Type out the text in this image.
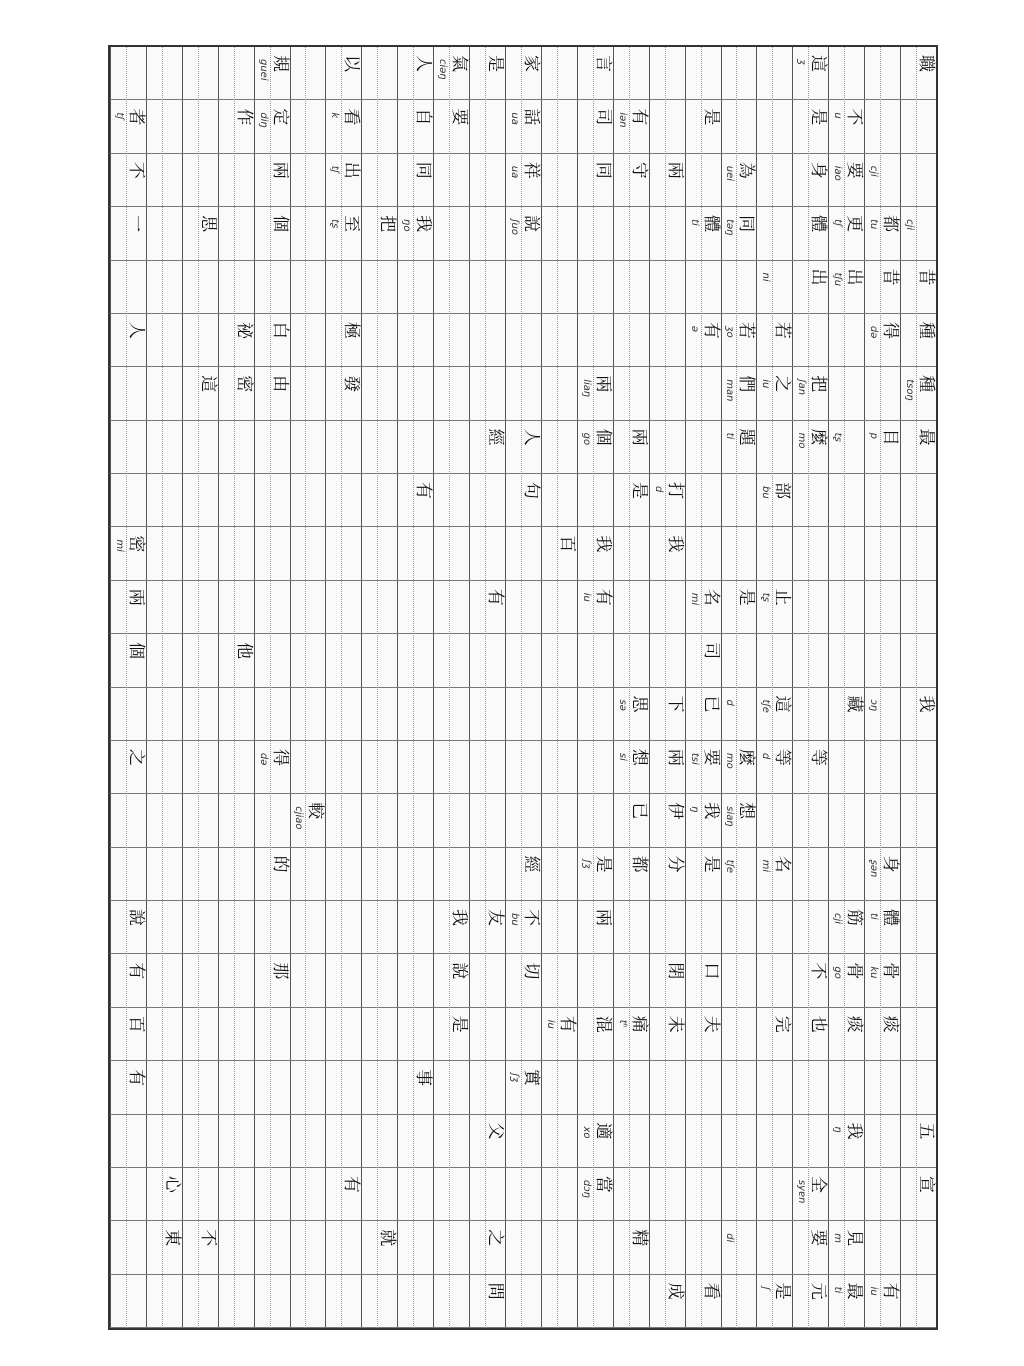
職
cji
昔
種
種
tsoŋ
最
我
五
宣
cji
都
tu
昔
得
də
目
p
ɔŋ
身
ʂən
體
ti
骨
ku
痰
有
iu
不
u
要
iao
更
tʃ
出
tʃu
tʂ
藏
筋
cji
骨
go
痰
我
ŋ
見
m
最
ti
這
ʒ
是
身
體
出
把
ʃan
麼
mo
等
不
也
全
syɐn
要
元
ni
若
之
iu
部
bu
止
tʂ
這
tʃe
等
d
名
mi
完
是
ʃ
為
uei
同
təŋ
若
ʒo
們
man
題
ti
是
d
麼
mo
想
siaŋ
tʃe
di
是
體
ti
有
ə
名
mi
司
已
要
tsi
我
ŋ
是
口
夫
看
兩
打
d
我
下
兩
伊
分
閉
未
成
有
iən
守
兩
是
思
sə
想
si
已
都
痛
tʰ
精
言
司
同
兩
liaŋ
個
go
我
有
iu
是
ʃʒ
兩
混
適
xo
當
dɔŋ
百
有
iu
家
話
ua
祥
ua
說
ʃuo
人
句
經
不
bu
切
實
ʃʒ
是
經
有
友
父
之
問
氣
ciəŋ
要
我
說
是
人
自
同
我
ŋo
有
事
把
就
以
看
k
出
tʃ
至
tʂ
極
發
有
較
cjiao
規
guei
定
diŋ
兩
個
白
由
得
də
的
那
作
祕
密
他
思
這
不
心
東
者
tʃ
不
一
人
密
mi
兩
個
之
說
有
百
有
